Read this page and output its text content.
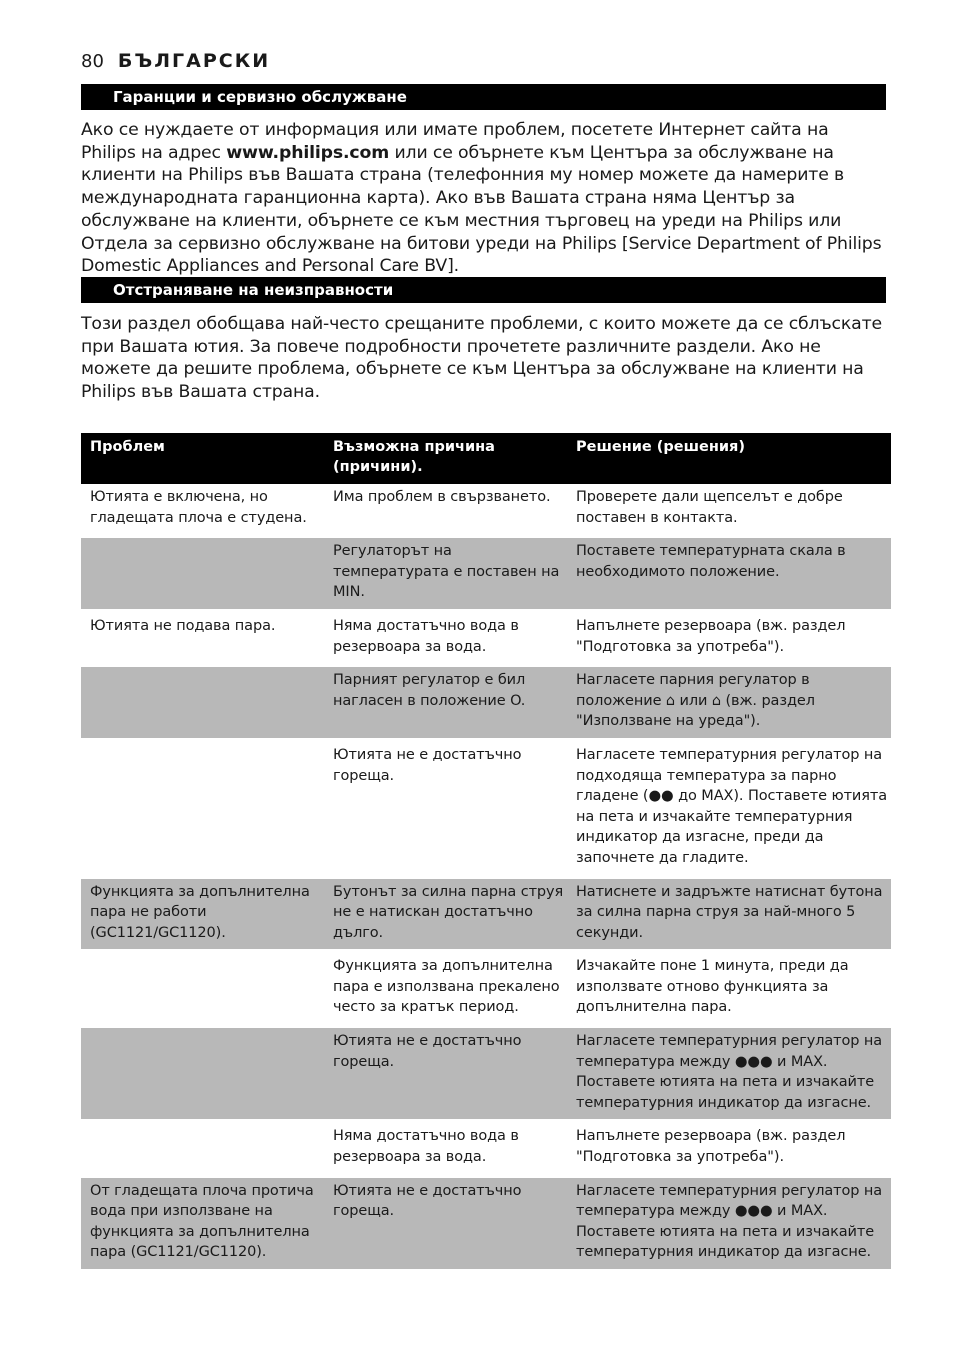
80 БЪЛГАРСКИ
Гаранции и сервизно обслужване

Ако се нуждаете от информация или имате проблем, посетете Интернет сайта на Philips на адрес www.philips.com или се обърнете към Центъра за обслужване на клиенти на Philips във Вашата страна (телефонния му номер можете да намерите в международната гаранционна карта). Ако във Вашата страна няма Център за обслужване на клиенти, обърнете се към местния търговец на уреди на Philips или Отдела за сервизно обслужване на битови уреди на Philips [Service Department of Philips Domestic Appliances and Personal Care BV].

Отстраняване на неизправности

Този раздел обобщава най-често срещаните проблеми, с които можете да се сблъскате при Вашата ютия. За повече подробности прочетете различните раздели. Ако не можете да решите проблема, обърнете се към Центъра за обслужване на клиенти на Philips във Вашата страна.

Проблем	Възможна причина (причини).	Решение (решения)
Ютията е включена, но гладещата плоча е студена.	Има проблем в свързването.	Проверете дали щепселът е добре поставен в контакта.
	Регулаторът на температурата е поставен на MIN.	Поставете температурната скала в необходимото положение.
Ютията не подава пара.	Няма достатъчно вода в резервоара за вода.	Напълнете резервоара (вж. раздел "Подготовка за употреба").
	Парният регулатор е бил нагласен в положение O.	Нагласете парния регулатор в положение ⌂ или ⌂ (вж. раздел "Използване на уреда").
	Ютията не е достатъчно гореща.	Нагласете температурния регулатор на подходяща температура за парно гладене (●● до MAX). Поставете ютията на пета и изчакайте температурния индикатор да изгасне, преди да започнете да гладите.
Функцията за допълнителна пара не работи (GC1121/GC1120).	Бутонът за силна парна струя не е натискан достатъчно дълго.	Натиснете и задръжте натиснат бутона за силна парна струя за най-много 5 секунди.
	Функцията за допълнителна пара е използвана прекалено често за кратък период.	Изчакайте поне 1 минута, преди да използвате отново функцията за допълнителна пара.
	Ютията не е достатъчно гореща.	Нагласете температурния регулатор на температура между ●●● и MAX. Поставете ютията на пета и изчакайте температурния индикатор да изгасне.
	Няма достатъчно вода в резервоара за вода.	Напълнете резервоара (вж. раздел "Подготовка за употреба").
От гладещата плоча протича вода при използване на функцията за допълнителна пара (GC1121/GC1120).	Ютията не е достатъчно гореща.	Нагласете температурния регулатор на температура между ●●● и MAX. Поставете ютията на пета и изчакайте температурния индикатор да изгасне.
